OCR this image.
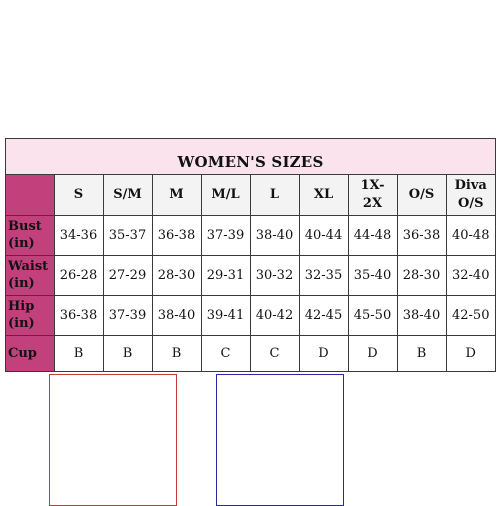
WOMEN'S SIZES
	S	S/M	M	M/L	L	XL	1X-
2X	O/S	Diva
O/S
Bust
(in)	34-36	35-37	36-38	37-39	38-40	40-44	44-48	36-38	40-48
Waist
(in)	26-28	27-29	28-30	29-31	30-32	32-35	35-40	28-30	32-40
Hip
(in)	36-38	37-39	38-40	39-41	40-42	42-45	45-50	38-40	42-50
Cup	B	B	B	C	C	D	D	B	D
